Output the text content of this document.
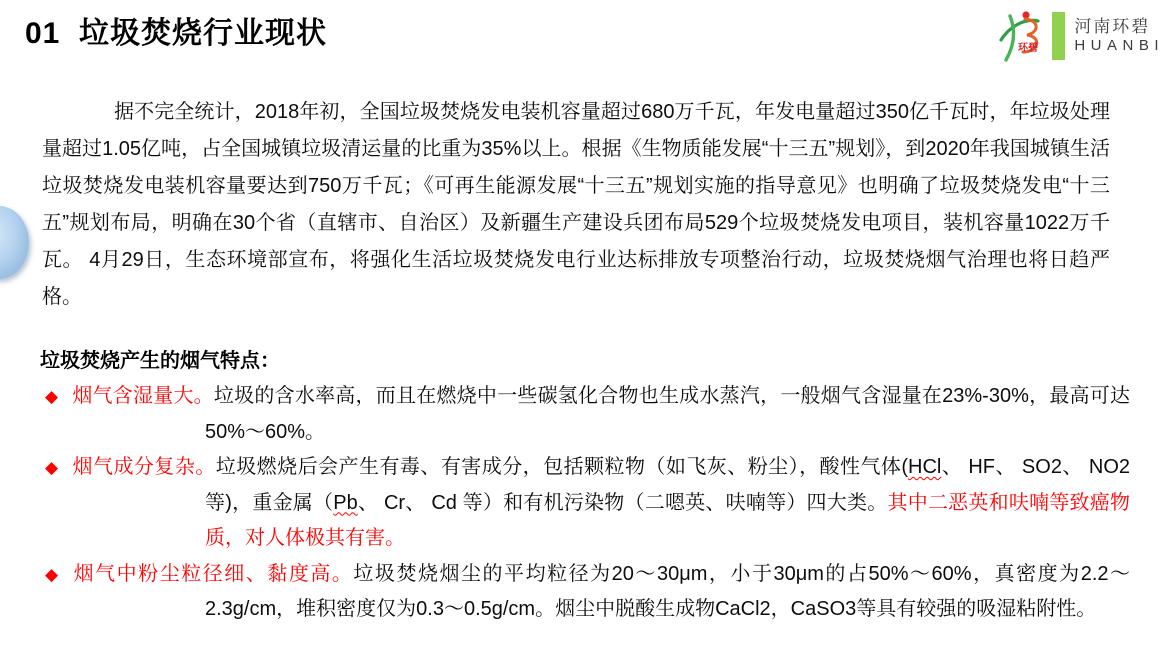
01  垃圾焚烧行业现状	环碧
河南环碧
HUANBI
据不完全统计，2018年初，全国垃圾焚烧发电装机容量超过680万千瓦，年发电量超过350亿千瓦时，年垃圾处理量超过1.05亿吨，占全国城镇垃圾清运量的比重为35%以上。根据《生物质能发展“十三五”规划》，到2020年我国城镇生活垃圾焚烧发电装机容量要达到750万千瓦；《可再生能源发展“十三五”规划实施的指导意见》也明确了垃圾焚烧发电“十三五”规划布局，明确在30个省（直辖市、自治区）及新疆生产建设兵团布局529个垃圾焚烧发电项目，装机容量1022万千瓦。 4月29日，生态环境部宣布，将强化生活垃圾焚烧发电行业达标排放专项整治行动，垃圾焚烧烟气治理也将日趋严格。
垃圾焚烧产生的烟气特点：
◆ 烟气含湿量大。垃圾的含水率高，而且在燃烧中一些碳氢化合物也生成水蒸汽，一般烟气含湿量在23%-30%，最高可达50%～60%。
◆ 烟气成分复杂。垃圾燃烧后会产生有毒、有害成分，包括颗粒物（如飞灰、粉尘），酸性气体(HCl、 HF、 SO2、 NO2等)，重金属（Pb、 Cr、 Cd 等）和有机污染物（二嗯英、呋喃等）四大类。其中二恶英和呋喃等致癌物质，对人体极其有害。
◆ 烟气中粉尘粒径细、黏度高。垃圾焚烧烟尘的平均粒径为20～30μm，小于30μm的占50%～60%，真密度为2.2～2.3g/cm，堆积密度仅为0.3～0.5g/cm。烟尘中脱酸生成物CaCl2，CaSO3等具有较强的吸湿粘附性。
